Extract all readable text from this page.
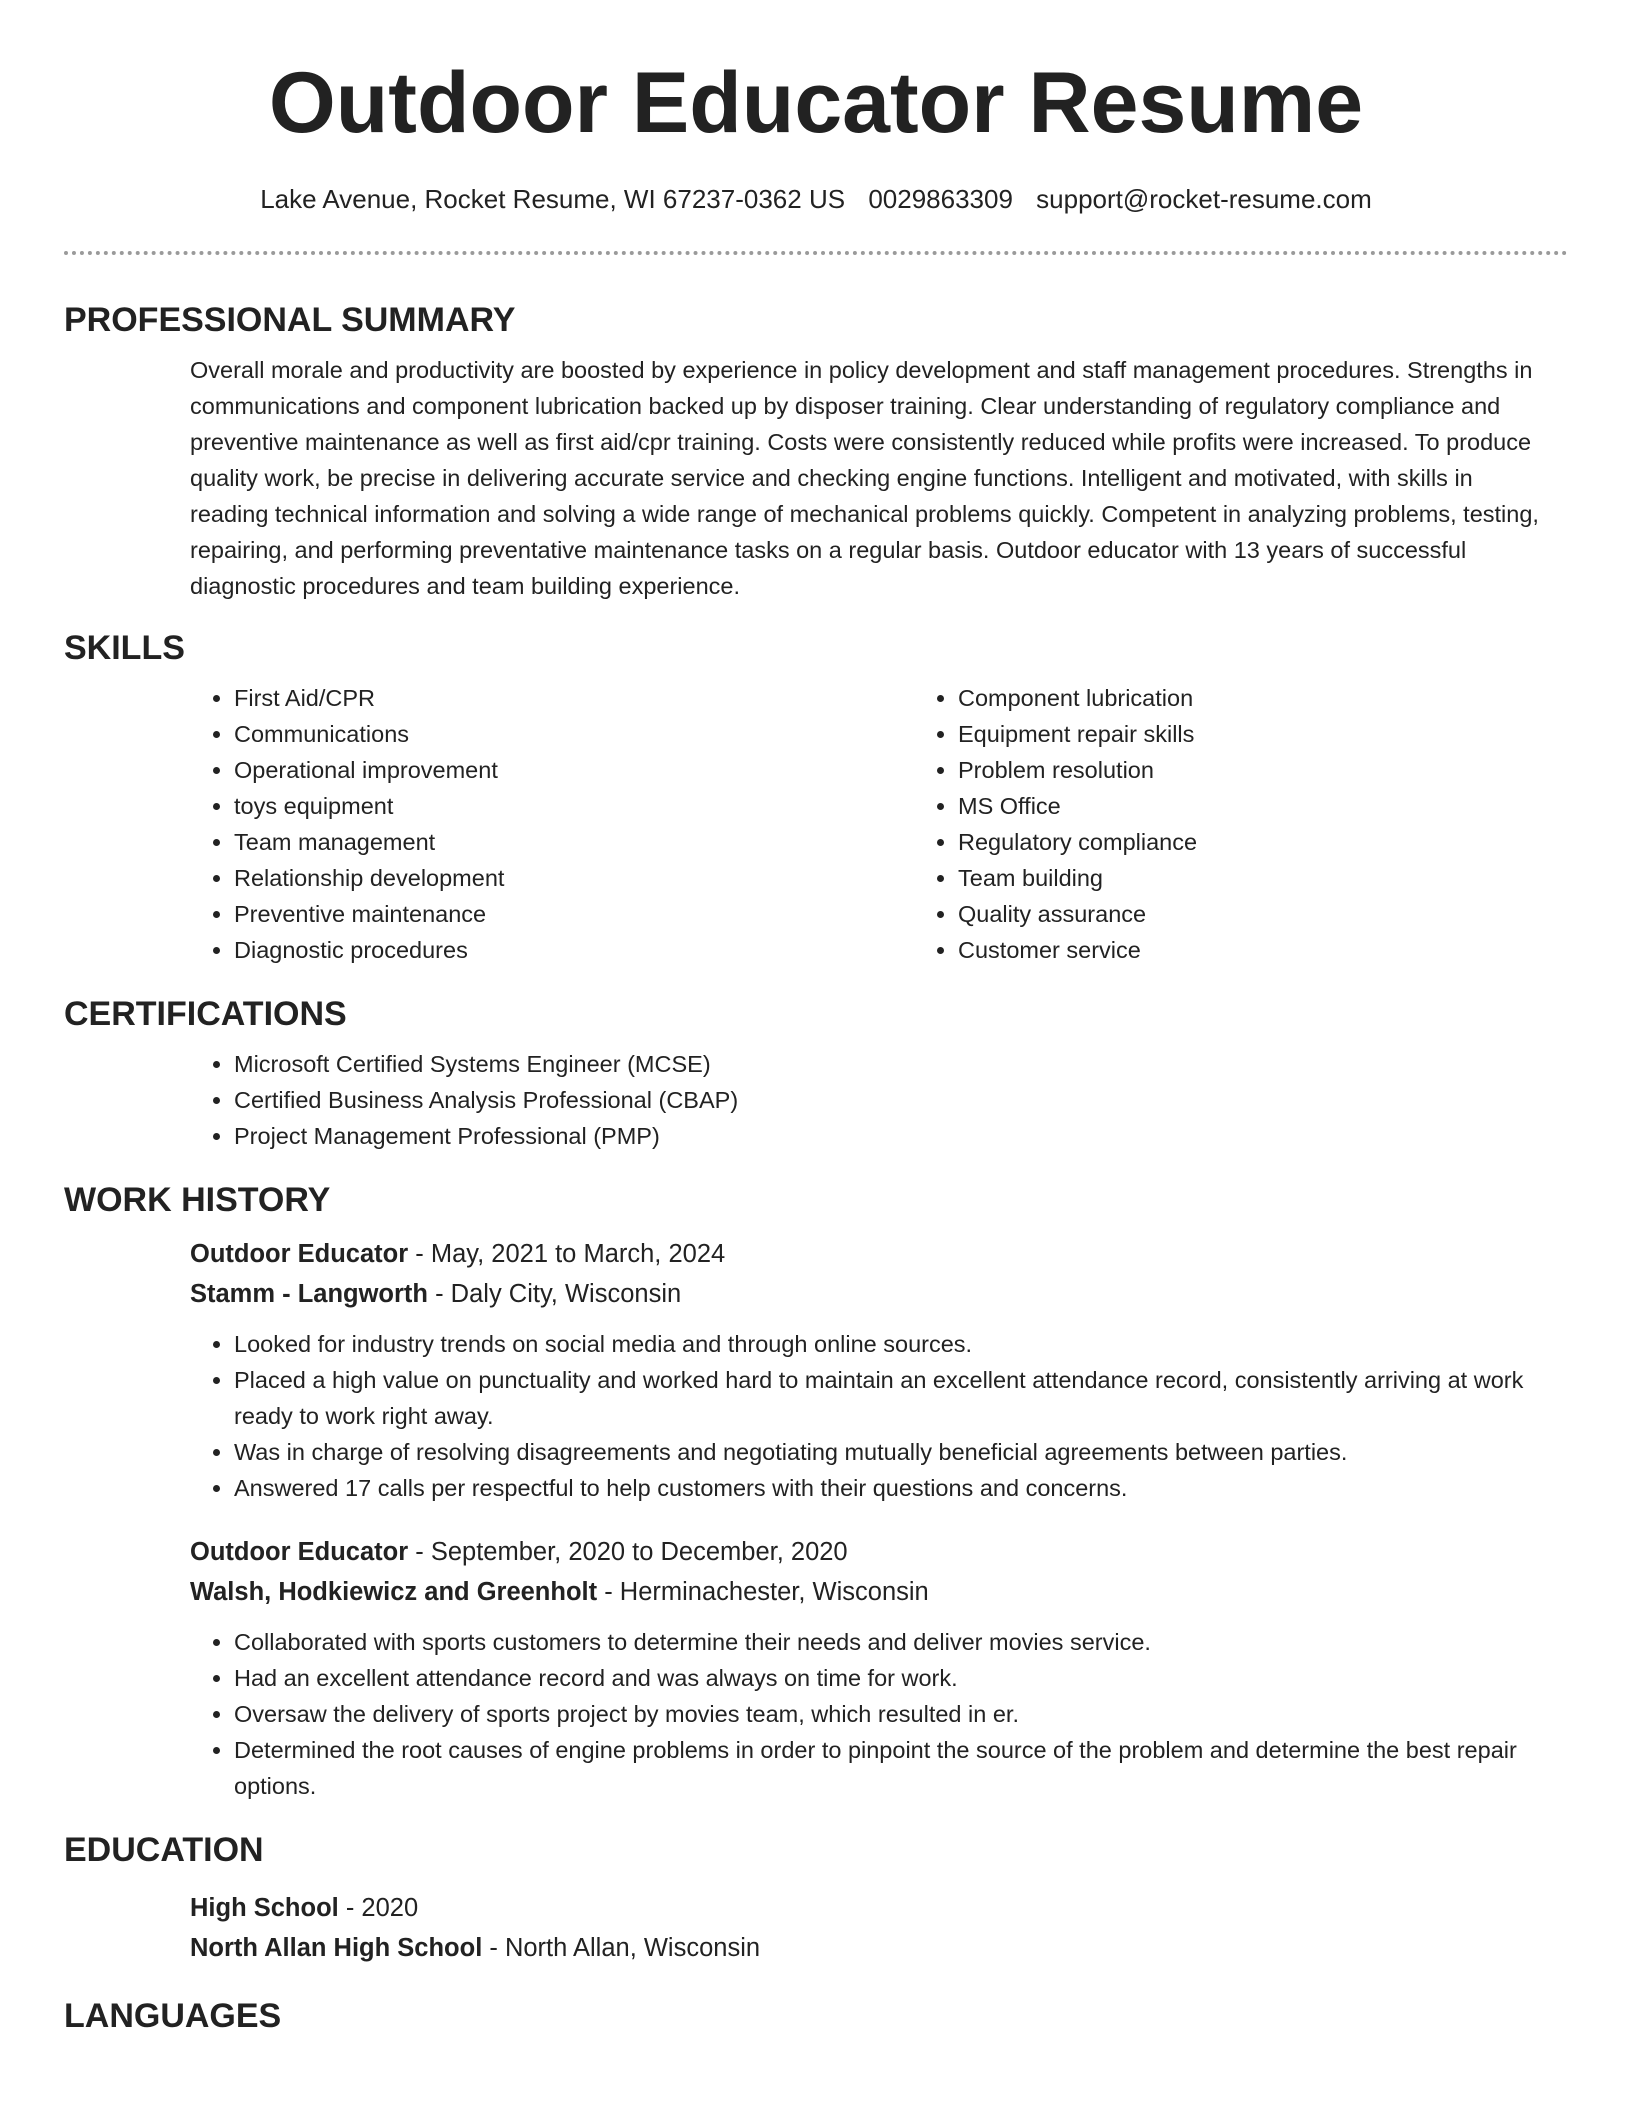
Outdoor Educator Resume
Lake Avenue, Rocket Resume, WI 67237-0362 US 0029863309 support@rocket-resume.com
PROFESSIONAL SUMMARY
Overall morale and productivity are boosted by experience in policy development and staff management procedures. Strengths in communications and component lubrication backed up by disposer training. Clear understanding of regulatory compliance and preventive maintenance as well as first aid/cpr training. Costs were consistently reduced while profits were increased. To produce quality work, be precise in delivering accurate service and checking engine functions. Intelligent and motivated, with skills in reading technical information and solving a wide range of mechanical problems quickly. Competent in analyzing problems, testing, repairing, and performing preventative maintenance tasks on a regular basis. Outdoor educator with 13 years of successful diagnostic procedures and team building experience.
SKILLS
• First Aid/CPR
• Communications
• Operational improvement
• toys equipment
• Team management
• Relationship development
• Preventive maintenance
• Diagnostic procedures
• Component lubrication
• Equipment repair skills
• Problem resolution
• MS Office
• Regulatory compliance
• Team building
• Quality assurance
• Customer service
CERTIFICATIONS
• Microsoft Certified Systems Engineer (MCSE)
• Certified Business Analysis Professional (CBAP)
• Project Management Professional (PMP)
WORK HISTORY
Outdoor Educator - May, 2021 to March, 2024
Stamm - Langworth - Daly City, Wisconsin
• Looked for industry trends on social media and through online sources.
• Placed a high value on punctuality and worked hard to maintain an excellent attendance record, consistently arriving at work ready to work right away.
• Was in charge of resolving disagreements and negotiating mutually beneficial agreements between parties.
• Answered 17 calls per respectful to help customers with their questions and concerns.
Outdoor Educator - September, 2020 to December, 2020
Walsh, Hodkiewicz and Greenholt - Herminachester, Wisconsin
• Collaborated with sports customers to determine their needs and deliver movies service.
• Had an excellent attendance record and was always on time for work.
• Oversaw the delivery of sports project by movies team, which resulted in er.
• Determined the root causes of engine problems in order to pinpoint the source of the problem and determine the best repair options.
EDUCATION
High School - 2020
North Allan High School - North Allan, Wisconsin
LANGUAGES
